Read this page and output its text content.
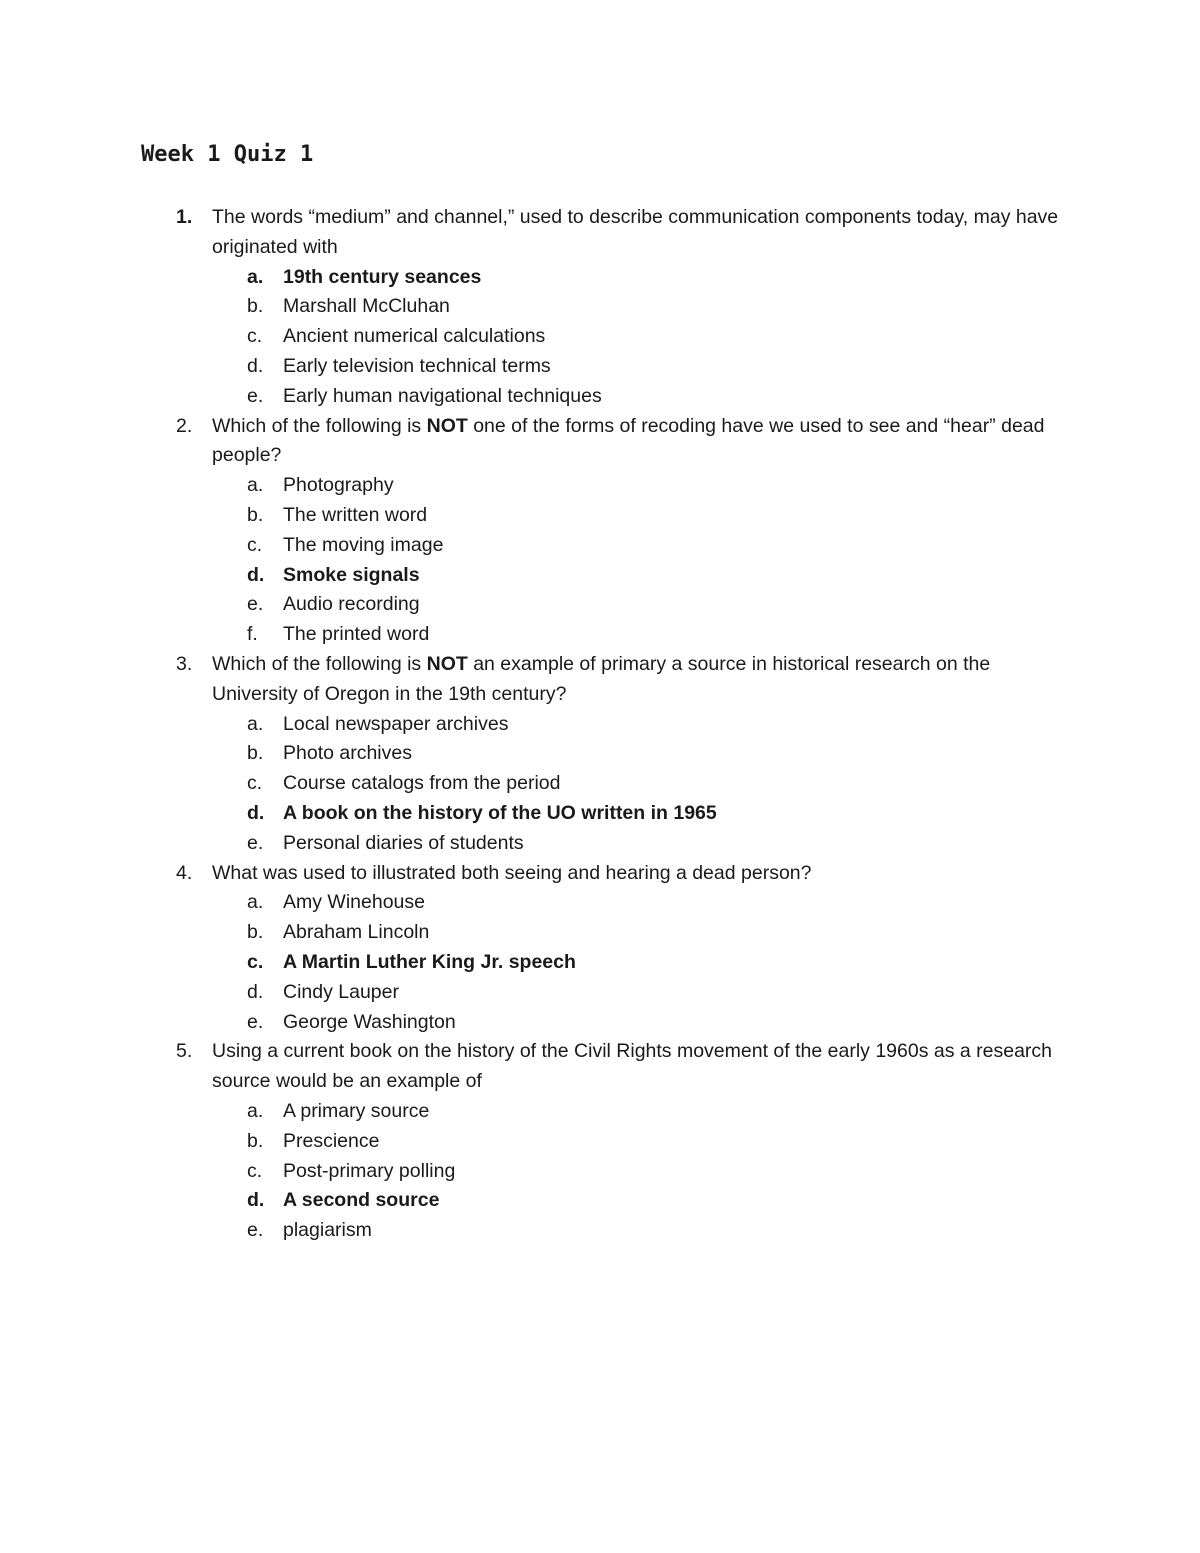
Week 1 Quiz 1
1. The words “medium” and channel,” used to describe communication components today, may have originated with
a. 19th century seances
b. Marshall McCluhan
c. Ancient numerical calculations
d. Early television technical terms
e. Early human navigational techniques
2. Which of the following is NOT one of the forms of recoding have we used to see and “hear” dead people?
a. Photography
b. The written word
c. The moving image
d. Smoke signals
e. Audio recording
f. The printed word
3. Which of the following is NOT an example of primary a source in historical research on the University of Oregon in the 19th century?
a. Local newspaper archives
b. Photo archives
c. Course catalogs from the period
d. A book on the history of the UO written in 1965
e. Personal diaries of students
4. What was used to illustrated both seeing and hearing a dead person?
a. Amy Winehouse
b. Abraham Lincoln
c. A Martin Luther King Jr. speech
d. Cindy Lauper
e. George Washington
5. Using a current book on the history of the Civil Rights movement of the early 1960s as a research source would be an example of
a. A primary source
b. Prescience
c. Post-primary polling
d. A second source
e. plagiarism
